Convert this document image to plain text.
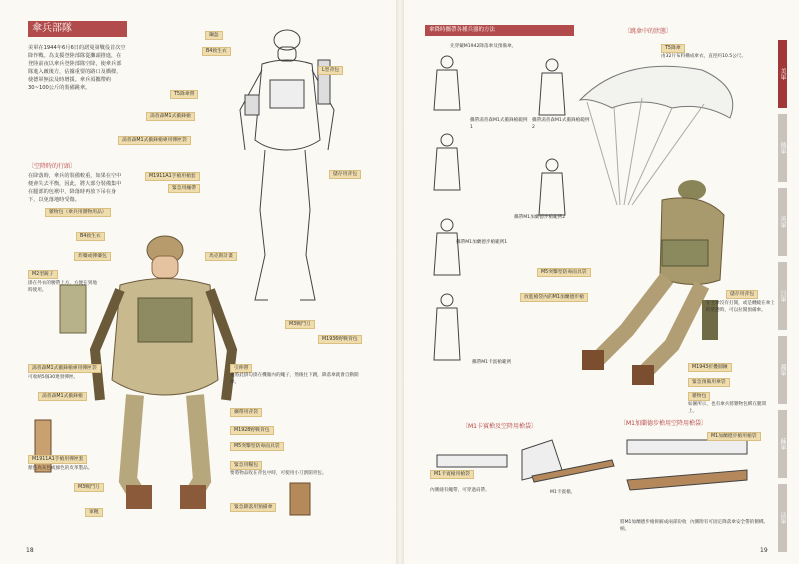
傘兵部隊
美軍在1944年6月6日的諾曼第戰役首次空降作戰。為支援登陸部隊從灘頭推進，在登陸前夜以傘兵登陸部隊空降，使傘兵部隊進入敵後方，佔據重要的路口及橋樑，使德軍無法及時增援。傘兵須攜帶約30~100公斤的裝備跳傘。
〔空降時的行頭〕
在降落時，傘兵的裝備較重，如果在空中便會失去平衡，因此，將大部分裝備集中在腿部的包袱中，降落時再放下吊在身下，以免落地時受傷。
鋼盔
B4救生衣
L型背包
T5降傘帶
湯普森M1式衝鋒槍
湯普森M1式衝鋒槍專用彈匣袋
M1911A1手槍用槍套
緊急用繃帶
儲存用背包
M3戰鬥刀
M1936野戰背包
雜物包（傘兵用雜物用品）
B4救生衣
炸藥或彈藥包	馬克斯計畫
M2型鏟子
掛在外衣的腰帶上方，方便在到地時使用。
湯普森M1式衝鋒槍專用彈匣袋
可收納5個30連發彈匣。
湯普森M1式衝鋒槍
引伸帶
先將此掛勾掛在機艙內的繩子，然後往下跳，降落傘就會自動開傘。
攜帶用背袋
M1928野戰背包
M5突擊型防毒面具袋
緊急用糧包
要將物品收在背包中時，可使用小刀割開背包。
M1911A1手槍用彈匣套
顏色為灰色或綠色的皮革製品。
M3戰鬥刀
軍靴
緊急降落用預備傘
18
傘降時攜帶各種兵器的方法	〔跳傘中的狀態〕
先穿戴M1942降落傘及預備傘。
攜帶湯普森M1式衝鋒槍範例1
攜帶湯普森M1式衝鋒槍範例2
攜帶M1加蘭德步槍範例2
攜帶M1加蘭德步槍範例1
攜帶M1卡賓槍範例
T5降傘
由32片布料構成傘衣，直徑約10.5公尺。
M5突擊型防毒面具袋
放進槍袋內的M1加蘭德步槍
儲存用背包
在主傘沒有打開，或是纏繞在傘上的狀態時，可以拉開預備傘。
M1943折疊圓鍬
緊急預備用傘袋
雜物包
如圖所示，也有傘兵將雜物包綁在腿間上。
〔M1卡賓槍及空降用槍袋〕	〔M1加蘭德步槍用空降用槍袋〕
M1卡賓槍用槍袋
內側縫有繩帶，可穿過肩帶。	M1卡賓槍。
M1加蘭德步槍用槍袋
將M1加蘭德步槍拆解成兩部份收納。
內側附有可固定降落傘安全帶的側綁。
19
美軍
德軍
英軍
日軍
義軍
蘇軍
法軍
